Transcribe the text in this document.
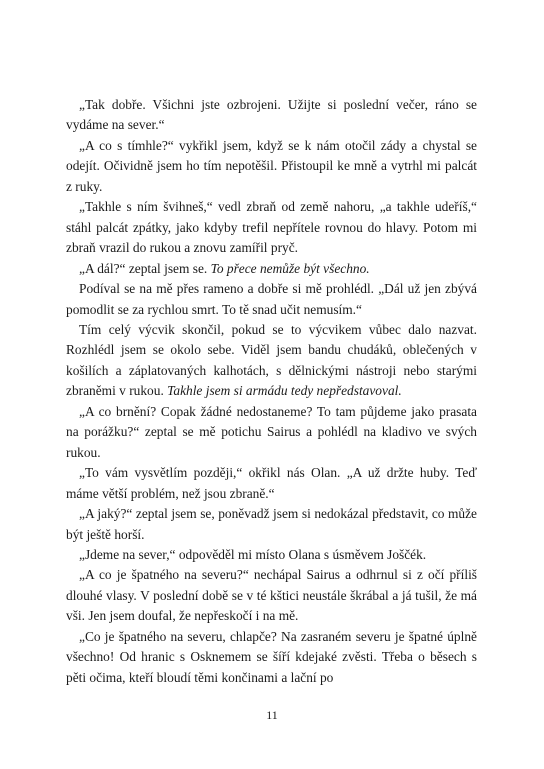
„Tak dobře. Všichni jste ozbrojeni. Užijte si poslední večer, ráno se vydáme na sever.“

„A co s tímhle?“ vykřikl jsem, když se k nám otočil zády a chystal se odejít. Očividně jsem ho tím nepotěšil. Přistoupil ke mně a vytrhl mi palcát z ruky.

„Takhle s ním švihneš,“ vedl zbraň od země nahoru, „a takhle udeříš,“ stáhl palcát zpátky, jako kdyby trefil nepřítele rovnou do hlavy. Potom mi zbraň vrazil do rukou a znovu zamířil pryč.

„A dál?“ zeptal jsem se. To přece nemůže být všechno.

Podíval se na mě přes rameno a dobře si mě prohlédl. „Dál už jen zbývá pomodlit se za rychlou smrt. To tě snad učit nemusím.“

Tím celý výcvik skončil, pokud se to výcvikem vůbec dalo nazvat. Rozhlédl jsem se okolo sebe. Viděl jsem bandu chudáků, oblečených v košilích a záplatovaných kalhotách, s dělnickými nástroji nebo starými zbraněmi v rukou. Takhle jsem si armádu tedy nepředstavoval.

„A co brnění? Copak žádné nedostaneme? To tam půjdeme jako prasata na porážku?“ zeptal se mě potichu Sairus a pohlédl na kladivo ve svých rukou.

„To vám vysvětlím později,“ okřikl nás Olan. „A už držte huby. Teď máme větší problém, než jsou zbraně.“

„A jaký?“ zeptal jsem se, poněvadž jsem si nedokázal představit, co může být ještě horší.

„Jdeme na sever,“ odpověděl mi místo Olana s úsměvem Joščék.

„A co je špatného na severu?“ nechápal Sairus a odhrnul si z očí příliš dlouhé vlasy. V poslední době se v té kštici neustále škrábal a já tušil, že má vši. Jen jsem doufal, že nepřeskočí i na mě.

„Co je špatného na severu, chlapče? Na zasraném severu je špatné úplně všechno! Od hranic s Osknemem se šíří kdejaké zvěsti. Třeba o běsech s pěti očima, kteří bloudí těmi končinami a lační po

11
